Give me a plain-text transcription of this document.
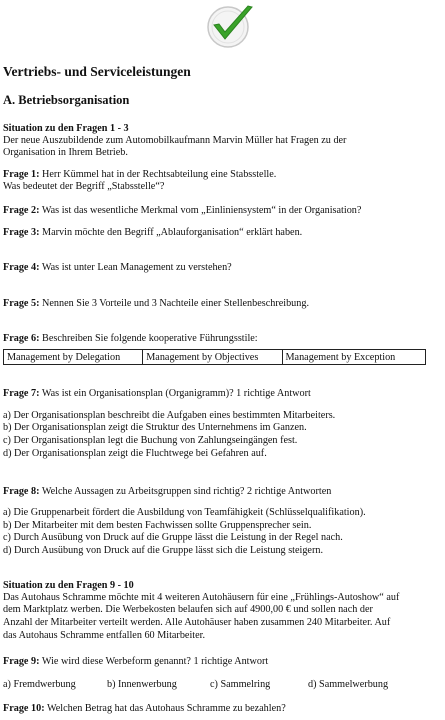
Vertriebs- und Serviceleistungen
A. Betriebsorganisation
Situation zu den Fragen 1 - 3
Der neue Auszubildende zum Automobilkaufmann Marvin Müller hat Fragen zu der
Organisation in Ihrem Betrieb.
Frage 1: Herr Kümmel hat in der Rechtsabteilung eine Stabsstelle.
Was bedeutet der Begriff „Stabsstelle“?
Frage 2: Was ist das wesentliche Merkmal vom „Einliniensystem“ in der Organisation?
Frage 3: Marvin möchte den Begriff „Ablauforganisation“ erklärt haben.
Frage 4: Was ist unter Lean Management zu verstehen?
Frage 5: Nennen Sie 3 Vorteile und 3 Nachteile einer Stellenbeschreibung.
Frage 6: Beschreiben Sie folgende kooperative Führungsstile:
Management by Delegation	Management by Objectives	Management by Exception
Frage 7: Was ist ein Organisationsplan (Organigramm)? 1 richtige Antwort
a) Der Organisationsplan beschreibt die Aufgaben eines bestimmten Mitarbeiters.
b) Der Organisationsplan zeigt die Struktur des Unternehmens im Ganzen.
c) Der Organisationsplan legt die Buchung von Zahlungseingängen fest.
d) Der Organisationsplan zeigt die Fluchtwege bei Gefahren auf.
Frage 8: Welche Aussagen zu Arbeitsgruppen sind richtig? 2 richtige Antworten
a) Die Gruppenarbeit fördert die Ausbildung von Teamfähigkeit (Schlüsselqualifikation).
b) Der Mitarbeiter mit dem besten Fachwissen sollte Gruppensprecher sein.
c) Durch Ausübung von Druck auf die Gruppe lässt die Leistung in der Regel nach.
d) Durch Ausübung von Druck auf die Gruppe lässt sich die Leistung steigern.
Situation zu den Fragen 9 - 10
Das Autohaus Schramme möchte mit 4 weiteren Autohäusern für eine „Frühlings-Autoshow“ auf
dem Marktplatz werben. Die Werbekosten belaufen sich auf 4900,00 € und sollen nach der
Anzahl der Mitarbeiter verteilt werden. Alle Autohäuser haben zusammen 240 Mitarbeiter. Auf
das Autohaus Schramme entfallen 60 Mitarbeiter.
Frage 9: Wie wird diese Werbeform genannt? 1 richtige Antwort
a) Fremdwerbung	b) Innenwerbung	c) Sammelring	d) Sammelwerbung
Frage 10: Welchen Betrag hat das Autohaus Schramme zu bezahlen?
